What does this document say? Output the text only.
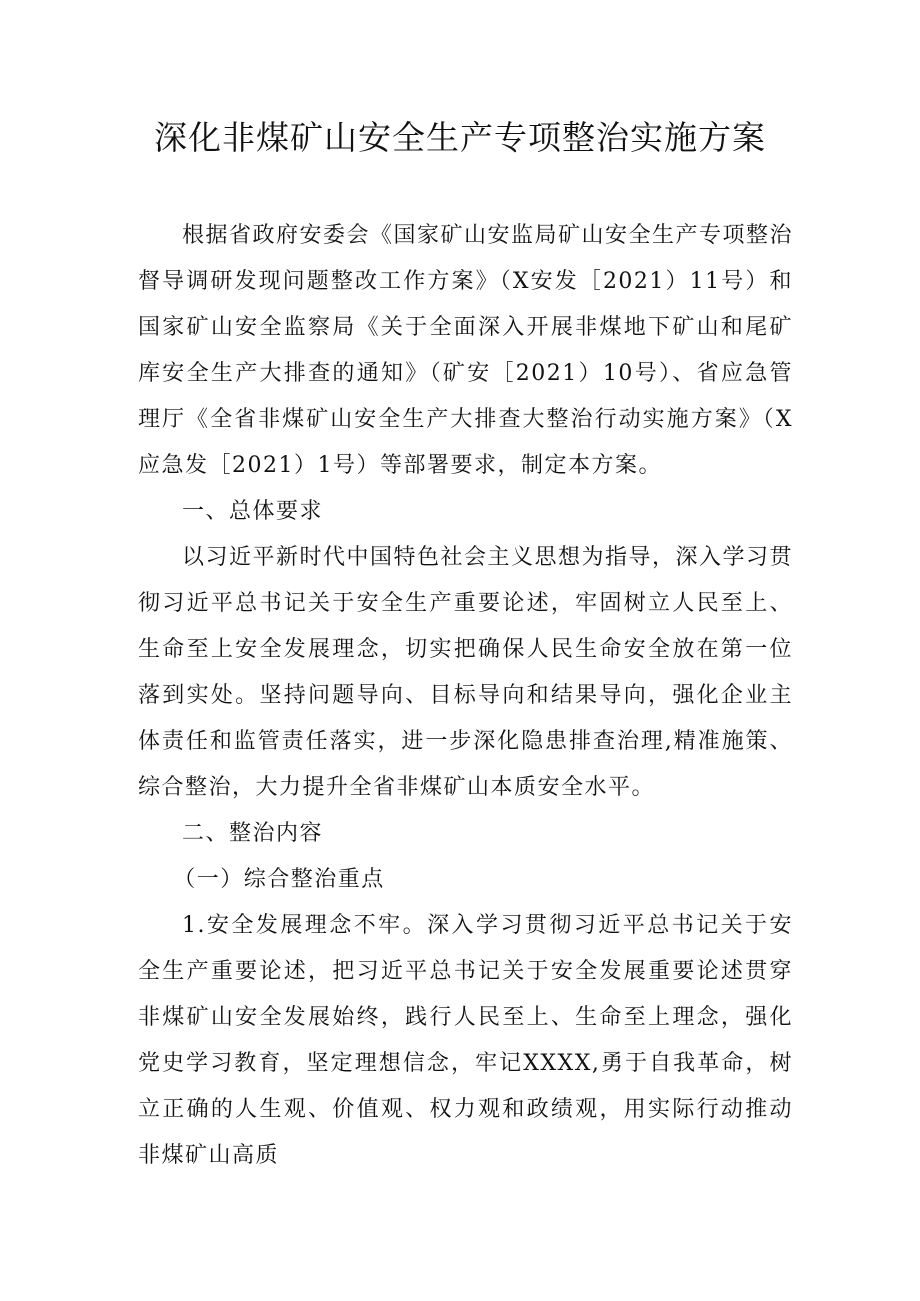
深化非煤矿山安全生产专项整治实施方案

根据省政府安委会《国家矿山安监局矿山安全生产专项整治督导调研发现问题整改工作方案》（X安发［2021）11号）和国家矿山安全监察局《关于全面深入开展非煤地下矿山和尾矿库安全生产大排查的通知》（矿安［2021）10号）、省应急管理厅《全省非煤矿山安全生产大排查大整治行动实施方案》（X应急发［2021）1号）等部署要求，制定本方案。

一、总体要求

以习近平新时代中国特色社会主义思想为指导，深入学习贯彻习近平总书记关于安全生产重要论述，牢固树立人民至上、生命至上安全发展理念，切实把确保人民生命安全放在第一位落到实处。坚持问题导向、目标导向和结果导向，强化企业主体责任和监管责任落实，进一步深化隐患排查治理,精准施策、综合整治，大力提升全省非煤矿山本质安全水平。

二、整治内容

（一）综合整治重点

1.安全发展理念不牢。深入学习贯彻习近平总书记关于安全生产重要论述，把习近平总书记关于安全发展重要论述贯穿非煤矿山安全发展始终，践行人民至上、生命至上理念，强化党史学习教育，坚定理想信念，牢记XXXX,勇于自我革命，树立正确的人生观、价值观、权力观和政绩观，用实际行动推动非煤矿山高质
